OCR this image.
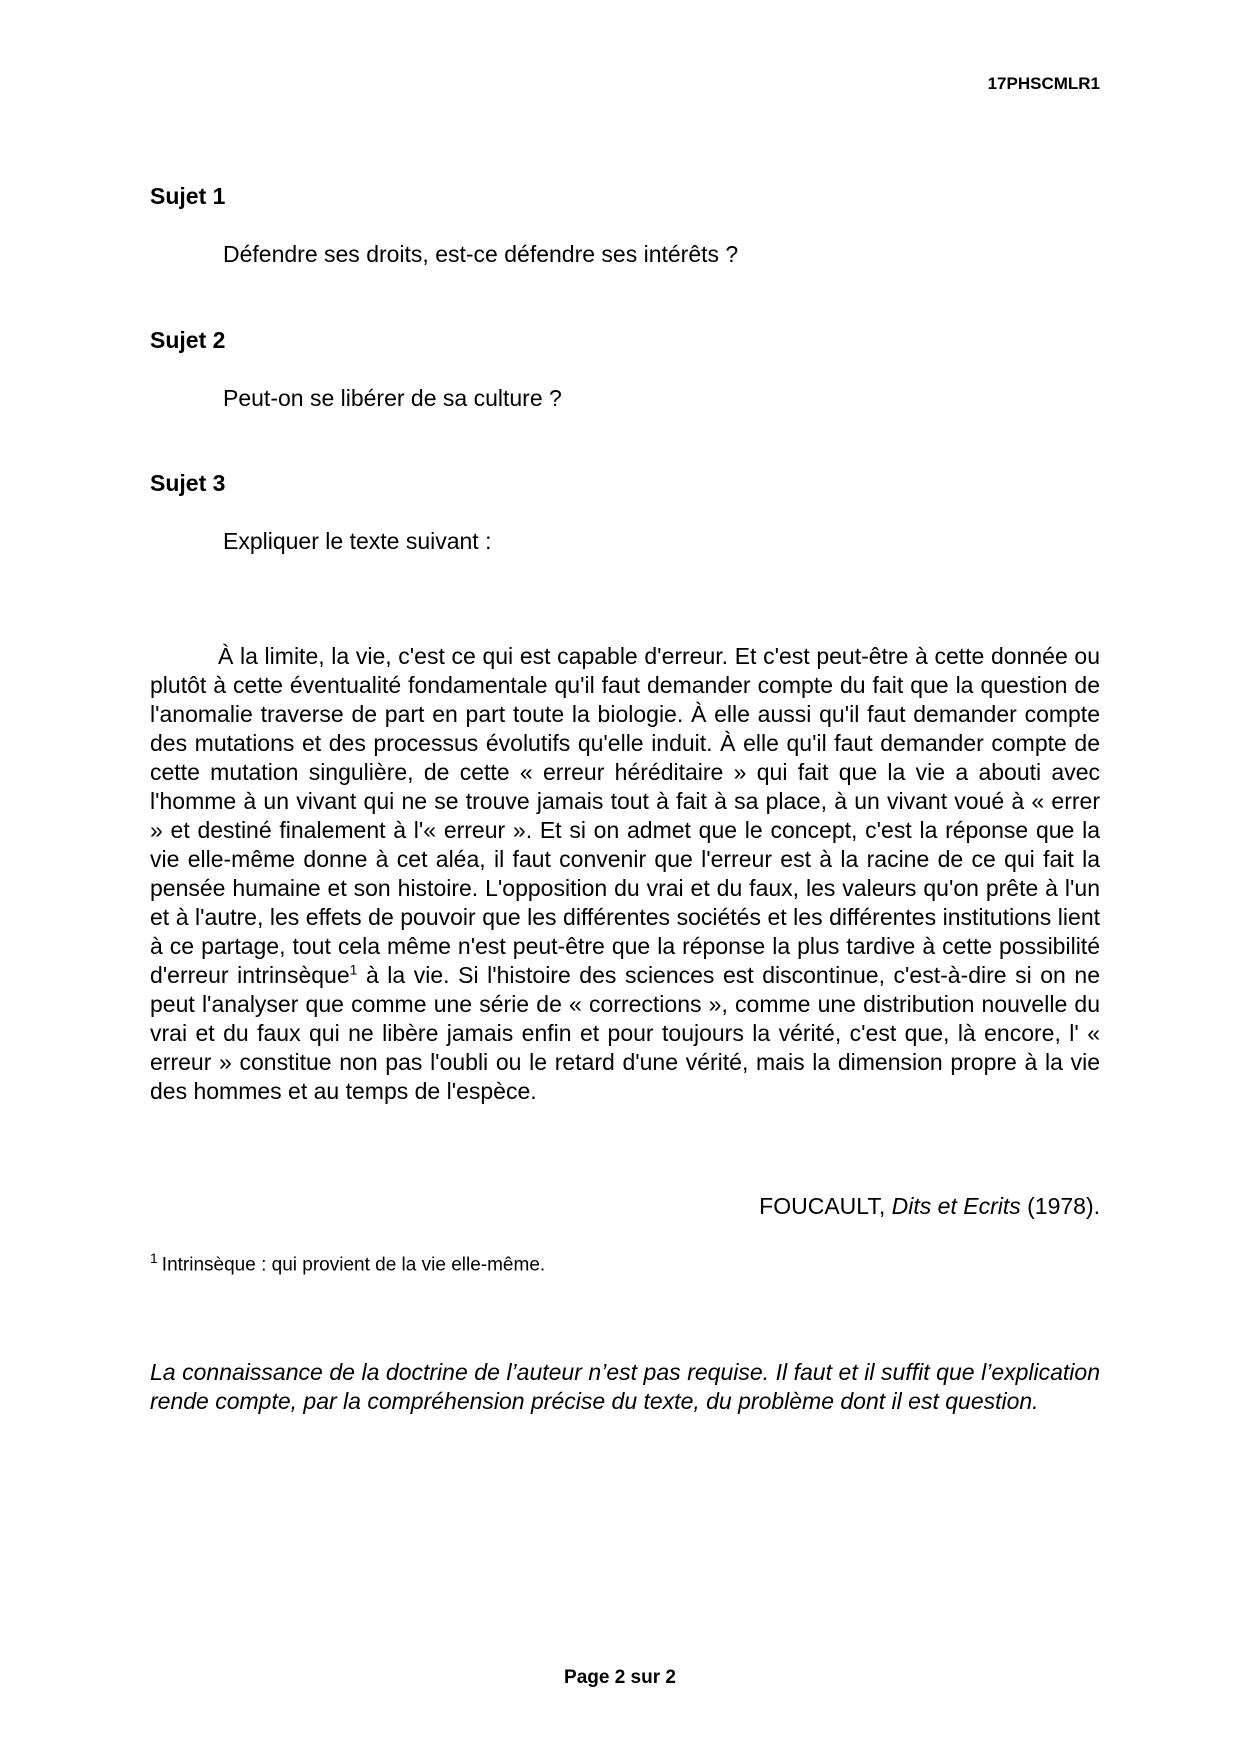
17PHSCMLR1
Sujet 1
Défendre ses droits, est-ce défendre ses intérêts ?
Sujet 2
Peut-on se libérer de sa culture ?
Sujet 3
Expliquer le texte suivant :

À la limite, la vie, c'est ce qui est capable d'erreur. Et c'est peut-être à cette donnée ou plutôt à cette éventualité fondamentale qu'il faut demander compte du fait que la question de l'anomalie traverse de part en part toute la biologie. À elle aussi qu'il faut demander compte des mutations et des processus évolutifs qu'elle induit. À elle qu'il faut demander compte de cette mutation singulière, de cette « erreur héréditaire » qui fait que la vie a abouti avec l'homme à un vivant qui ne se trouve jamais tout à fait à sa place, à un vivant voué à « errer » et destiné finalement à l'« erreur ». Et si on admet que le concept, c'est la réponse que la vie elle-même donne à cet aléa, il faut convenir que l'erreur est à la racine de ce qui fait la pensée humaine et son histoire. L'opposition du vrai et du faux, les valeurs qu'on prête à l'un et à l'autre, les effets de pouvoir que les différentes sociétés et les différentes institutions lient à ce partage, tout cela même n'est peut-être que la réponse la plus tardive à cette possibilité d'erreur intrinsèque$^1$ à la vie. Si l'histoire des sciences est discontinue, c'est-à-dire si on ne peut l'analyser que comme une série de « corrections », comme une distribution nouvelle du vrai et du faux qui ne libère jamais enfin et pour toujours la vérité, c'est que, là encore, l' « erreur » constitue non pas l'oubli ou le retard d'une vérité, mais la dimension propre à la vie des hommes et au temps de l'espèce.

FOUCAULT, Dits et Ecrits (1978).
$^1$ Intrinsèque : qui provient de la vie elle-même.

La connaissance de la doctrine de l’auteur n’est pas requise. Il faut et il suffit que l’explication rende compte, par la compréhension précise du texte, du problème dont il est question.

Page 2 sur 2
